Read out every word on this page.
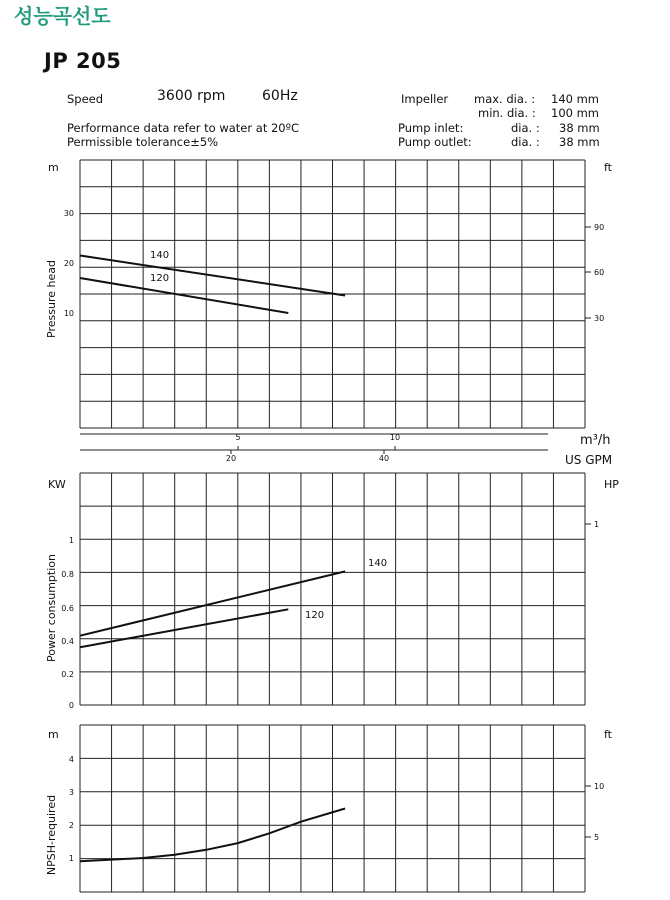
성능곡선도
JP 205
Speed	3600 rpm	60Hz
Performance data refer to water at 20ºC
Permissible tolerance±5%
Impeller max. dia. : 140 mm
min. dia. : 100 mm
Pump inlet:	dia. : 38 mm
Pump outlet:	dia. : 38 mm
m	ft
Pressure head 10
20
30
30
60
90
KW	HP
Power consumption
0
0.2
0.4
0.6
0.8
1
1
m	ft
NPSH-required 1
2
3
4
5
10
140
120
140
120
5	10
20	40
m³/h
US GPM
